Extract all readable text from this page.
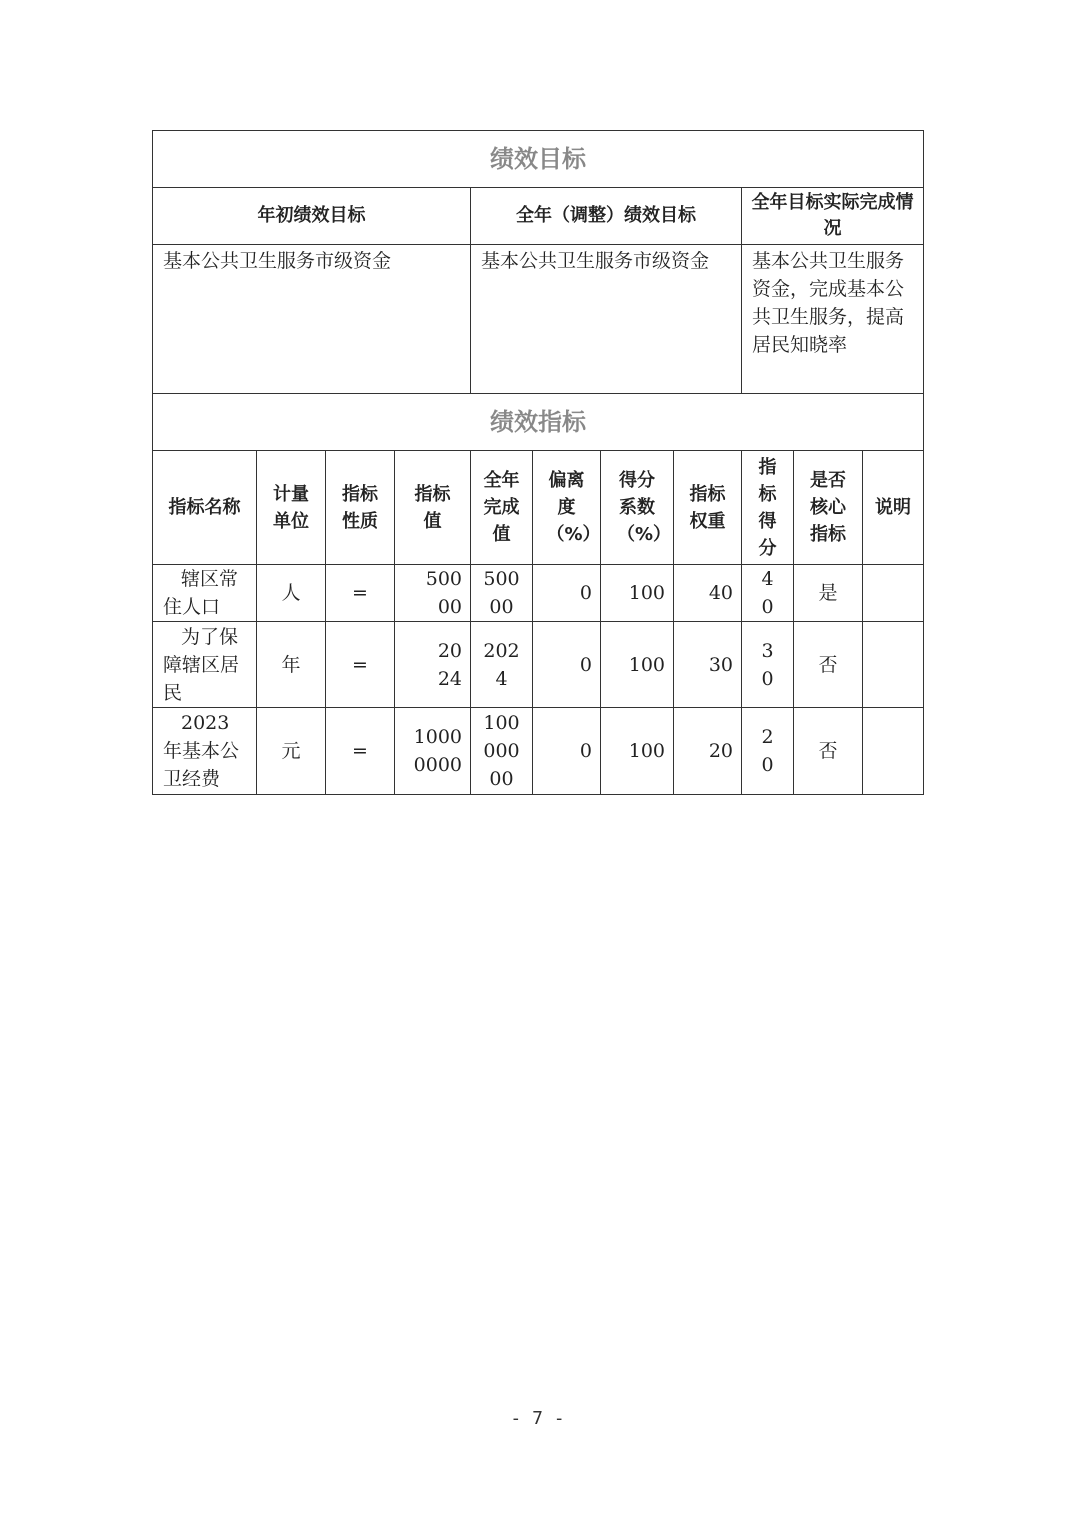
绩效目标										
年初绩效目标				全年（调整）绩效目标				全年目标实际完成情况		
基本公共卫生服务市级资金				基本公共卫生服务市级资金				基本公共卫生服务资金，完成基本公共卫生服务，提高居民知晓率		
绩效指标										
指标名称	计量单位	指标性质	指标值	全年完成值	偏离度（%）	得分系数（%）	指标权重	指标得分	是否核心指标	说明
辖区常住人口	人	=	50000	50000	0	100	40	40	是	
为了保障辖区居民	年	=	2024	2024	0	100	30	30	否	
2023 年基本公卫经费	元	=	10000000	10000000	0	100	20	20	否	
- 7 -
